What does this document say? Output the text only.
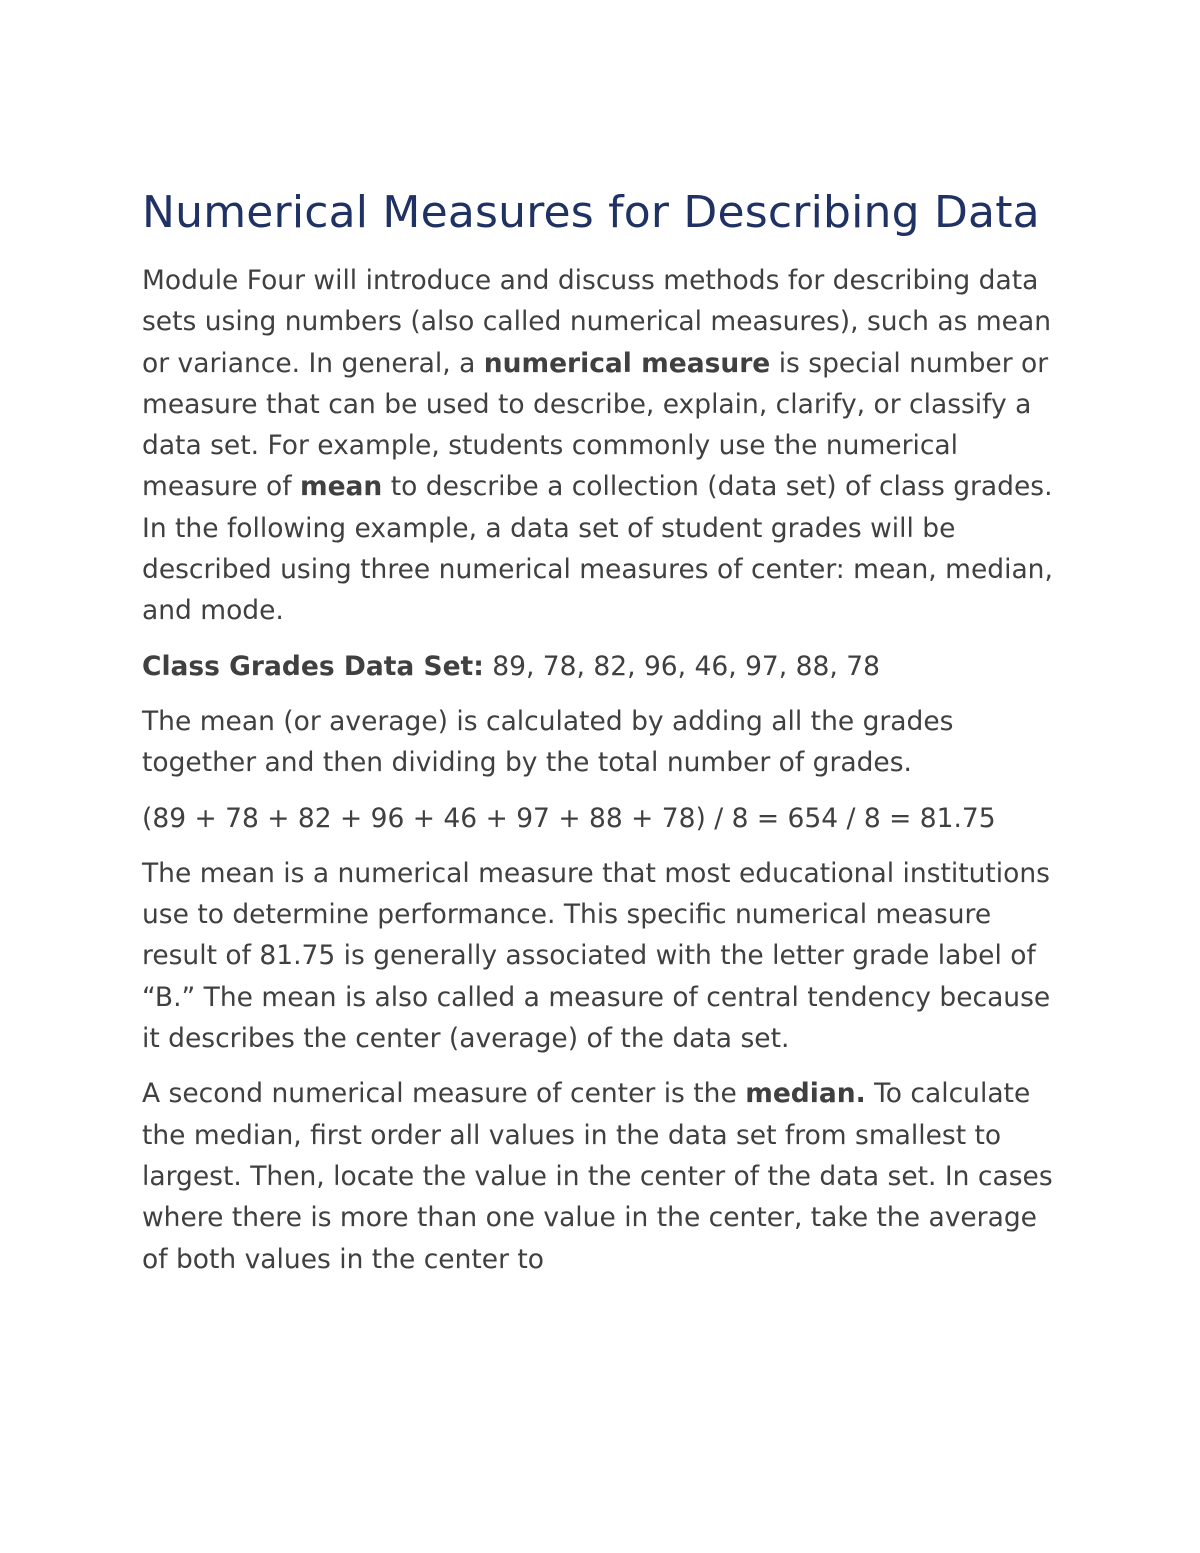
Numerical Measures for Describing Data

Module Four will introduce and discuss methods for describing data sets using numbers (also called numerical measures), such as mean or variance. In general, a numerical measure is special number or measure that can be used to describe, explain, clarify, or classify a data set. For example, students commonly use the numerical measure of mean to describe a collection (data set) of class grades. In the following example, a data set of student grades will be described using three numerical measures of center: mean, median, and mode.

Class Grades Data Set: 89, 78, 82, 96, 46, 97, 88, 78

The mean (or average) is calculated by adding all the grades together and then dividing by the total number of grades.

(89 + 78 + 82 + 96 + 46 + 97 + 88 + 78) / 8 = 654 / 8 = 81.75

The mean is a numerical measure that most educational institutions use to determine performance. This specific numerical measure result of 81.75 is generally associated with the letter grade label of “B.” The mean is also called a measure of central tendency because it describes the center (average) of the data set.

A second numerical measure of center is the median. To calculate the median, first order all values in the data set from smallest to largest. Then, locate the value in the center of the data set. In cases where there is more than one value in the center, take the average of both values in the center to
